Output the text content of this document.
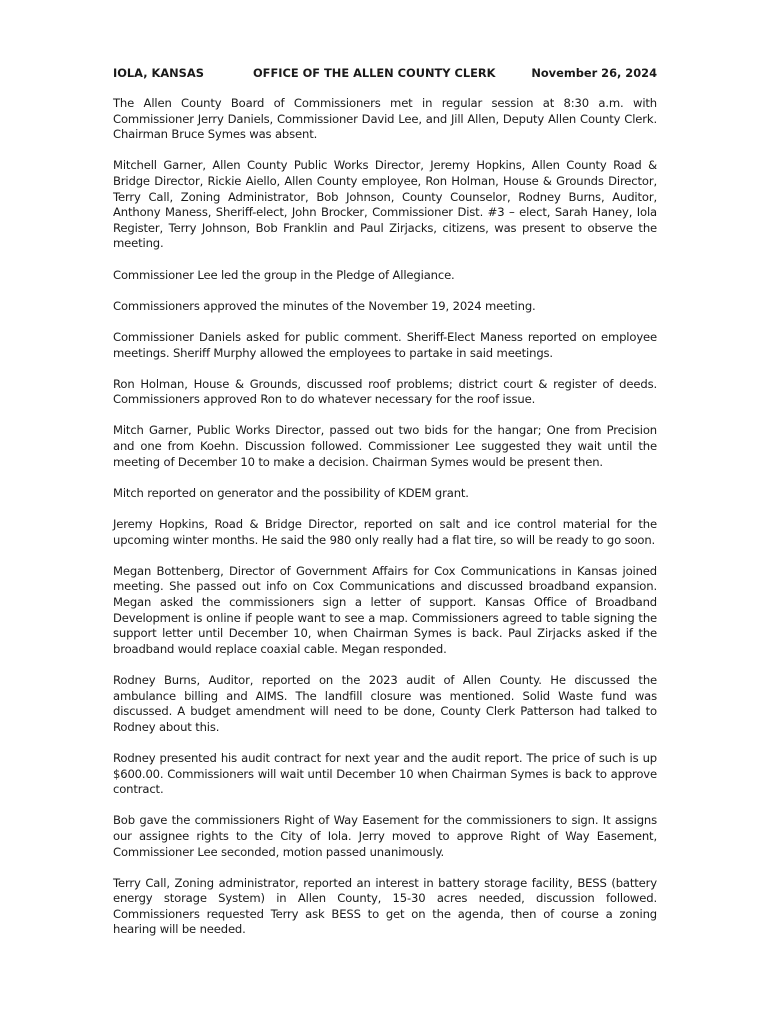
IOLA, KANSAS	OFFICE OF THE ALLEN COUNTY CLERK	November 26, 2024

The Allen County Board of Commissioners met in regular session at 8:30 a.m. with Commissioner Jerry Daniels, Commissioner David Lee, and Jill Allen, Deputy Allen County Clerk. Chairman Bruce Symes was absent.

Mitchell Garner, Allen County Public Works Director, Jeremy Hopkins, Allen County Road & Bridge Director, Rickie Aiello, Allen County employee, Ron Holman, House & Grounds Director, Terry Call, Zoning Administrator, Bob Johnson, County Counselor, Rodney Burns, Auditor, Anthony Maness, Sheriff-elect, John Brocker, Commissioner Dist. #3 – elect, Sarah Haney, Iola Register, Terry Johnson, Bob Franklin and Paul Zirjacks, citizens, was present to observe the meeting.

Commissioner Lee led the group in the Pledge of Allegiance.

Commissioners approved the minutes of the November 19, 2024 meeting.

Commissioner Daniels asked for public comment. Sheriff-Elect Maness reported on employee meetings. Sheriff Murphy allowed the employees to partake in said meetings.

Ron Holman, House & Grounds, discussed roof problems; district court & register of deeds. Commissioners approved Ron to do whatever necessary for the roof issue.

Mitch Garner, Public Works Director, passed out two bids for the hangar; One from Precision and one from Koehn. Discussion followed. Commissioner Lee suggested they wait until the meeting of December 10 to make a decision. Chairman Symes would be present then.

Mitch reported on generator and the possibility of KDEM grant.

Jeremy Hopkins, Road & Bridge Director, reported on salt and ice control material for the upcoming winter months. He said the 980 only really had a flat tire, so will be ready to go soon.

Megan Bottenberg, Director of Government Affairs for Cox Communications in Kansas joined meeting. She passed out info on Cox Communications and discussed broadband expansion. Megan asked the commissioners sign a letter of support. Kansas Office of Broadband Development is online if people want to see a map. Commissioners agreed to table signing the support letter until December 10, when Chairman Symes is back. Paul Zirjacks asked if the broadband would replace coaxial cable. Megan responded.

Rodney Burns, Auditor, reported on the 2023 audit of Allen County. He discussed the ambulance billing and AIMS. The landfill closure was mentioned. Solid Waste fund was discussed. A budget amendment will need to be done, County Clerk Patterson had talked to Rodney about this.

Rodney presented his audit contract for next year and the audit report. The price of such is up $600.00. Commissioners will wait until December 10 when Chairman Symes is back to approve contract.

Bob gave the commissioners Right of Way Easement for the commissioners to sign. It assigns our assignee rights to the City of Iola. Jerry moved to approve Right of Way Easement, Commissioner Lee seconded, motion passed unanimously.

Terry Call, Zoning administrator, reported an interest in battery storage facility, BESS (battery energy storage System) in Allen County, 15-30 acres needed, discussion followed. Commissioners requested Terry ask BESS to get on the agenda, then of course a zoning hearing will be needed.
